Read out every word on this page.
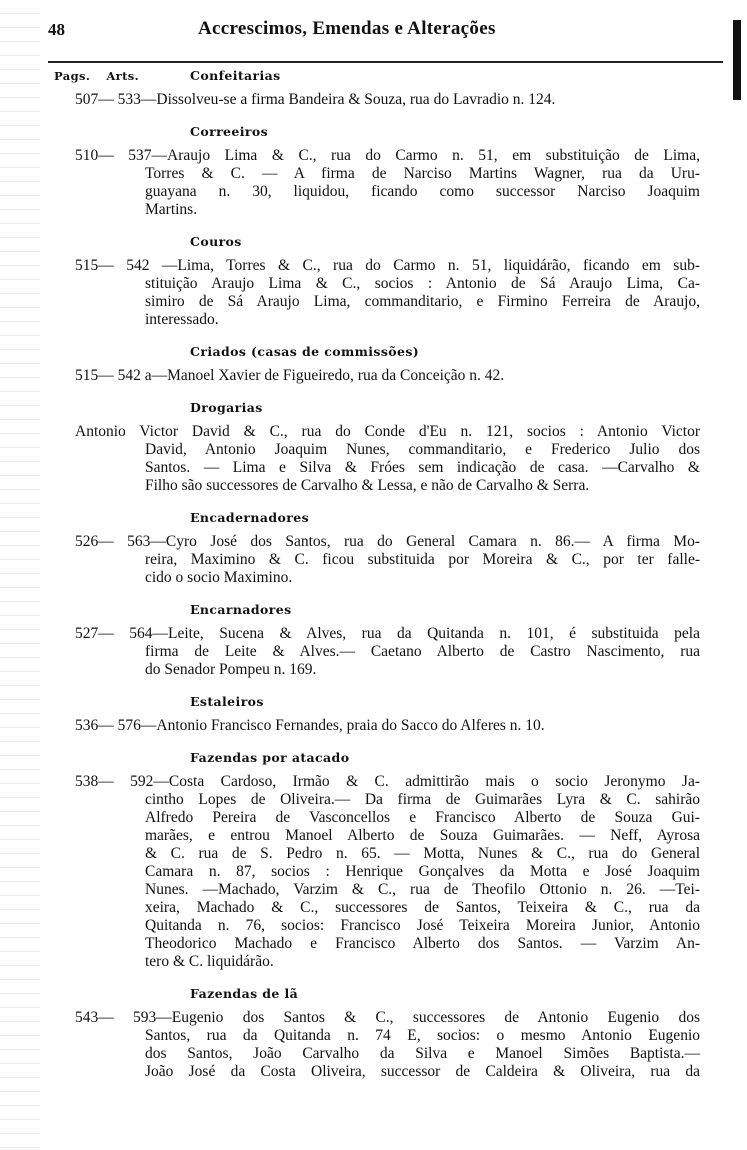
48	Accrescimos, Emendas e Alterações
Pags. Arts.	Confeitarias
507— 533—Dissolveu-se a firma Bandeira & Souza, rua do Lavradio n. 124.
Correeiros
510— 537—Araujo Lima & C., rua do Carmo n. 51, em substituição de Lima,
Torres & C. — A firma de Narciso Martins Wagner, rua da Uru-
guayana n. 30, liquidou, ficando como successor Narciso Joaquim
Martins.
Couros
515— 542 —Lima, Torres & C., rua do Carmo n. 51, liquidárão, ficando em sub-
stituição Araujo Lima & C., socios : Antonio de Sá Araujo Lima, Ca-
simiro de Sá Araujo Lima, commanditario, e Firmino Ferreira de Araujo,
interessado.
Criados (casas de commissões)
515— 542 a—Manoel Xavier de Figueiredo, rua da Conceição n. 42.
Drogarias
Antonio Victor David & C., rua do Conde d'Eu n. 121, socios : Antonio Victor
David, Antonio Joaquim Nunes, commanditario, e Frederico Julio dos
Santos. — Lima e Silva & Fróes sem indicação de casa. —Carvalho &
Filho são successores de Carvalho & Lessa, e não de Carvalho & Serra.
Encadernadores
526— 563—Cyro José dos Santos, rua do General Camara n. 86.— A firma Mo-
reira, Maximino & C. ficou substituida por Moreira & C., por ter falle-
cido o socio Maximino.
Encarnadores
527— 564—Leite, Sucena & Alves, rua da Quitanda n. 101, é substituida pela
firma de Leite & Alves.— Caetano Alberto de Castro Nascimento, rua
do Senador Pompeu n. 169.
Estaleiros
536— 576—Antonio Francisco Fernandes, praia do Sacco do Alferes n. 10.
Fazendas por atacado
538— 592—Costa Cardoso, Irmão & C. admittirão mais o socio Jeronymo Ja-
cintho Lopes de Oliveira.— Da firma de Guimarães Lyra & C. sahirão
Alfredo Pereira de Vasconcellos e Francisco Alberto de Souza Gui-
marães, e entrou Manoel Alberto de Souza Guimarães. — Neff, Ayrosa
& C. rua de S. Pedro n. 65. — Motta, Nunes & C., rua do General
Camara n. 87, socios : Henrique Gonçalves da Motta e José Joaquim
Nunes. —Machado, Varzim & C., rua de Theofilo Ottonio n. 26. —Tei-
xeira, Machado & C., successores de Santos, Teixeira & C., rua da
Quitanda n. 76, socios: Francisco José Teixeira Moreira Junior, Antonio
Theodorico Machado e Francisco Alberto dos Santos. — Varzim An-
tero & C. liquidárão.
Fazendas de lã
543— 593—Eugenio dos Santos & C., successores de Antonio Eugenio dos
Santos, rua da Quitanda n. 74 E, socios: o mesmo Antonio Eugenio
dos Santos, João Carvalho da Silva e Manoel Simões Baptista.—
João José da Costa Oliveira, successor de Caldeira & Oliveira, rua da
